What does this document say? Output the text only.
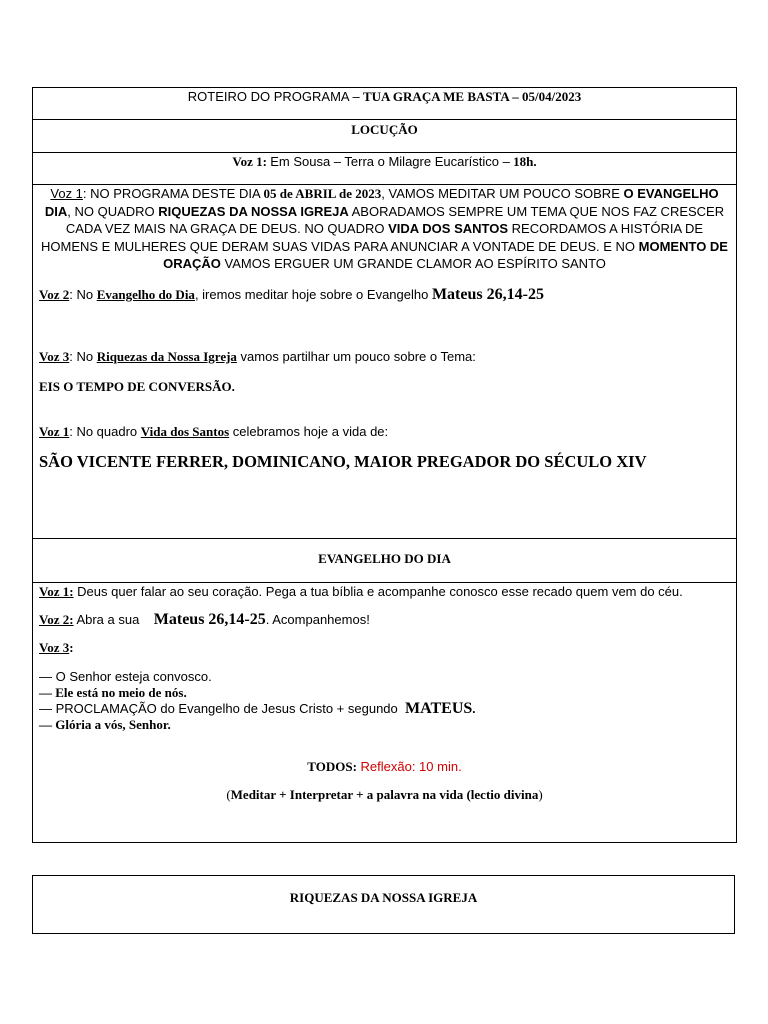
ROTEIRO DO PROGRAMA – TUA GRAÇA ME BASTA – 05/04/2023
LOCUÇÃO
Voz 1: Em Sousa – Terra o Milagre Eucarístico – 18h.

Voz 1: NO PROGRAMA DESTE DIA 05 de ABRIL de 2023, VAMOS MEDITAR UM POUCO SOBRE O EVANGELHO DIA, NO QUADRO RIQUEZAS DA NOSSA IGREJA ABORADAMOS SEMPRE UM TEMA QUE NOS FAZ CRESCER CADA VEZ MAIS NA GRAÇA DE DEUS. NO QUADRO VIDA DOS SANTOS RECORDAMOS A HISTÓRIA DE HOMENS E MULHERES QUE DERAM SUAS VIDAS PARA ANUNCIAR A VONTADE DE DEUS. E NO MOMENTO DE ORAÇÃO VAMOS ERGUER UM GRANDE CLAMOR AO ESPÍRITO SANTO
Voz 2: No Evangelho do Dia, iremos meditar hoje sobre o Evangelho Mateus 26,14-25
Voz 3: No Riquezas da Nossa Igreja vamos partilhar um pouco sobre o Tema:
EIS O TEMPO DE CONVERSÃO.
Voz 1: No quadro Vida dos Santos celebramos hoje a vida de:
SÃO VICENTE FERRER, DOMINICANO, MAIOR PREGADOR DO SÉCULO XIV

EVANGELHO DO DIA

Voz 1: Deus quer falar ao seu coração. Pega a tua bíblia e acompanhe conosco esse recado quem vem do céu.
Voz 2: Abra a sua    Mateus 26,14-25. Acompanhemos!
Voz 3:
— O Senhor esteja convosco.
— Ele está no meio de nós.
— PROCLAMAÇÃO do Evangelho de Jesus Cristo + segundo  MATEUS.
— Glória a vós, Senhor.
TODOS: Reflexão: 10 min.
(Meditar + Interpretar + a palavra na vida (lectio divina)
RIQUEZAS DA NOSSA IGREJA
